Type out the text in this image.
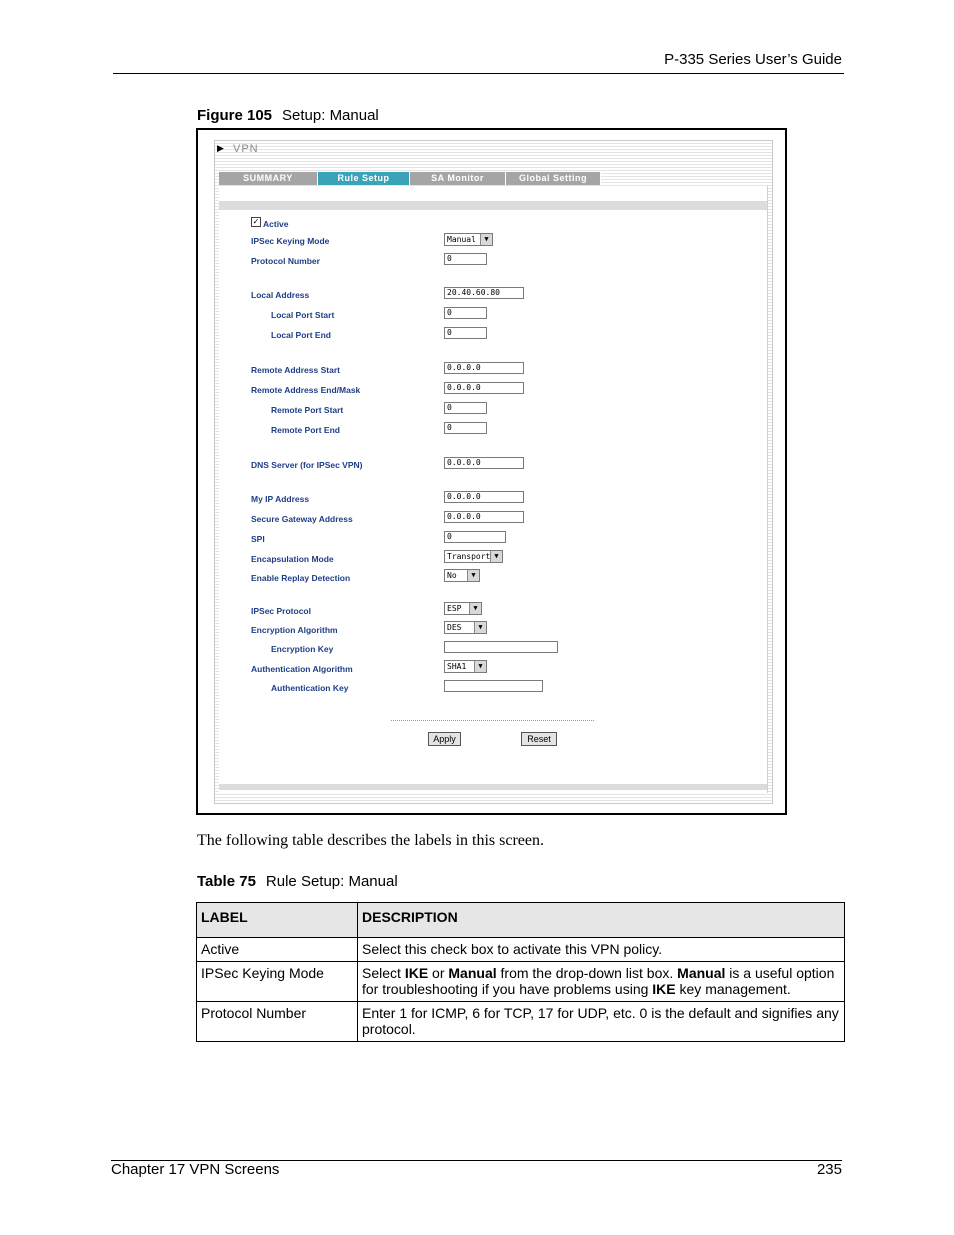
P-335 Series User’s Guide
Figure 105 Setup: Manual
▶ VPN
SUMMARY	Rule Setup	SA Monitor	Global Setting
✓ Active
IPSec Keying Mode	Manual	▼
Protocol Number	0
Local Address	20.40.60.80
Local Port Start	0
Local Port End	0
Remote Address Start	0.0.0.0
Remote Address End/Mask	0.0.0.0
Remote Port Start	0
Remote Port End	0
DNS Server (for IPSec VPN)	0.0.0.0
My IP Address	0.0.0.0
Secure Gateway Address	0.0.0.0
SPI	0
Encapsulation Mode	Transport ▼
Enable Replay Detection	No	▼
IPSec Protocol	ESP	▼
Encryption Algorithm	DES	▼
Encryption Key
Authentication Algorithm	SHA1	▼
Authentication Key
Apply	Reset
The following table describes the labels in this screen.
Table 75 Rule Setup: Manual
LABEL	DESCRIPTION
Active	Select this check box to activate this VPN policy.
IPSec Keying Mode	Select IKE or Manual from the drop-down list box. Manual is a useful option for troubleshooting if you have problems using IKE key management.
Protocol Number	Enter 1 for ICMP, 6 for TCP, 17 for UDP, etc. 0 is the default and signifies any protocol.
Chapter 17 VPN Screens	235
